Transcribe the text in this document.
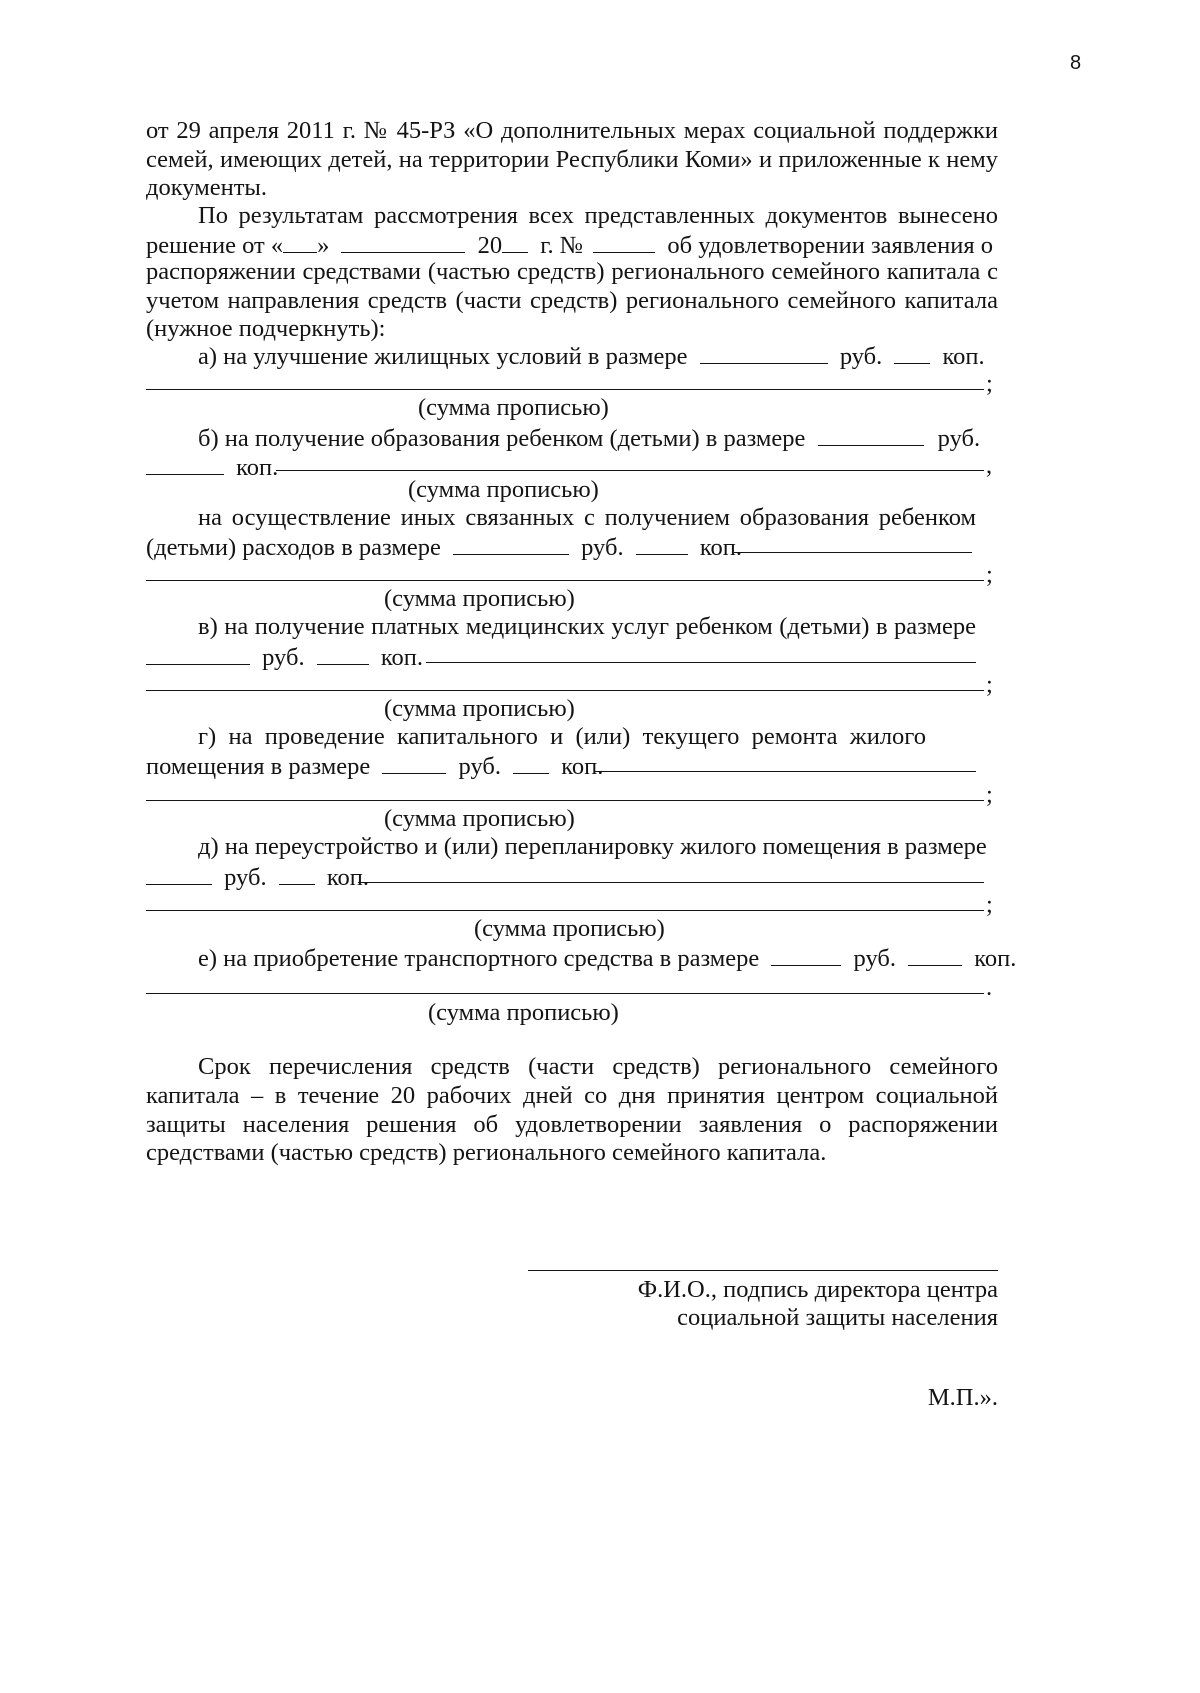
8
от 29 апреля 2011 г. № 45-РЗ «О дополнительных мерах социальной поддержки
семей, имеющих детей, на территории Республики Коми» и приложенные к нему
документы.
По результатам рассмотрения всех представленных документов вынесено
решение от « »	20 г. №	об удовлетворении заявления о
распоряжении средствами (частью средств) регионального семейного капитала с
учетом направления средств (части средств) регионального семейного капитала
(нужное подчеркнуть):
а) на улучшение жилищных условий в размере	руб. коп.
;
(сумма прописью)
б) на получение образования ребенком (детьми) в размере	руб.
коп.	,
(сумма прописью)
на осуществление иных связанных с получением образования ребенком
(детьми) расходов в размере	руб.	коп.
;
(сумма прописью)
в) на получение платных медицинских услуг ребенком (детьми) в размере
руб.	коп.
;
(сумма прописью)
г) на проведение капитального и (или) текущего ремонта жилого
помещения в размере	руб. коп.
;
(сумма прописью)
д) на переустройство и (или) перепланировку жилого помещения в размере
руб. коп.
;
(сумма прописью)
е) на приобретение транспортного средства в размере	руб.	коп.
.
(сумма прописью)
Срок перечисления средств (части средств) регионального семейного
капитала – в течение 20 рабочих дней со дня принятия центром социальной
защиты населения решения об удовлетворении заявления о распоряжении
средствами (частью средств) регионального семейного капитала.
Ф.И.О., подпись директора центра
социальной защиты населения
М.П.».
